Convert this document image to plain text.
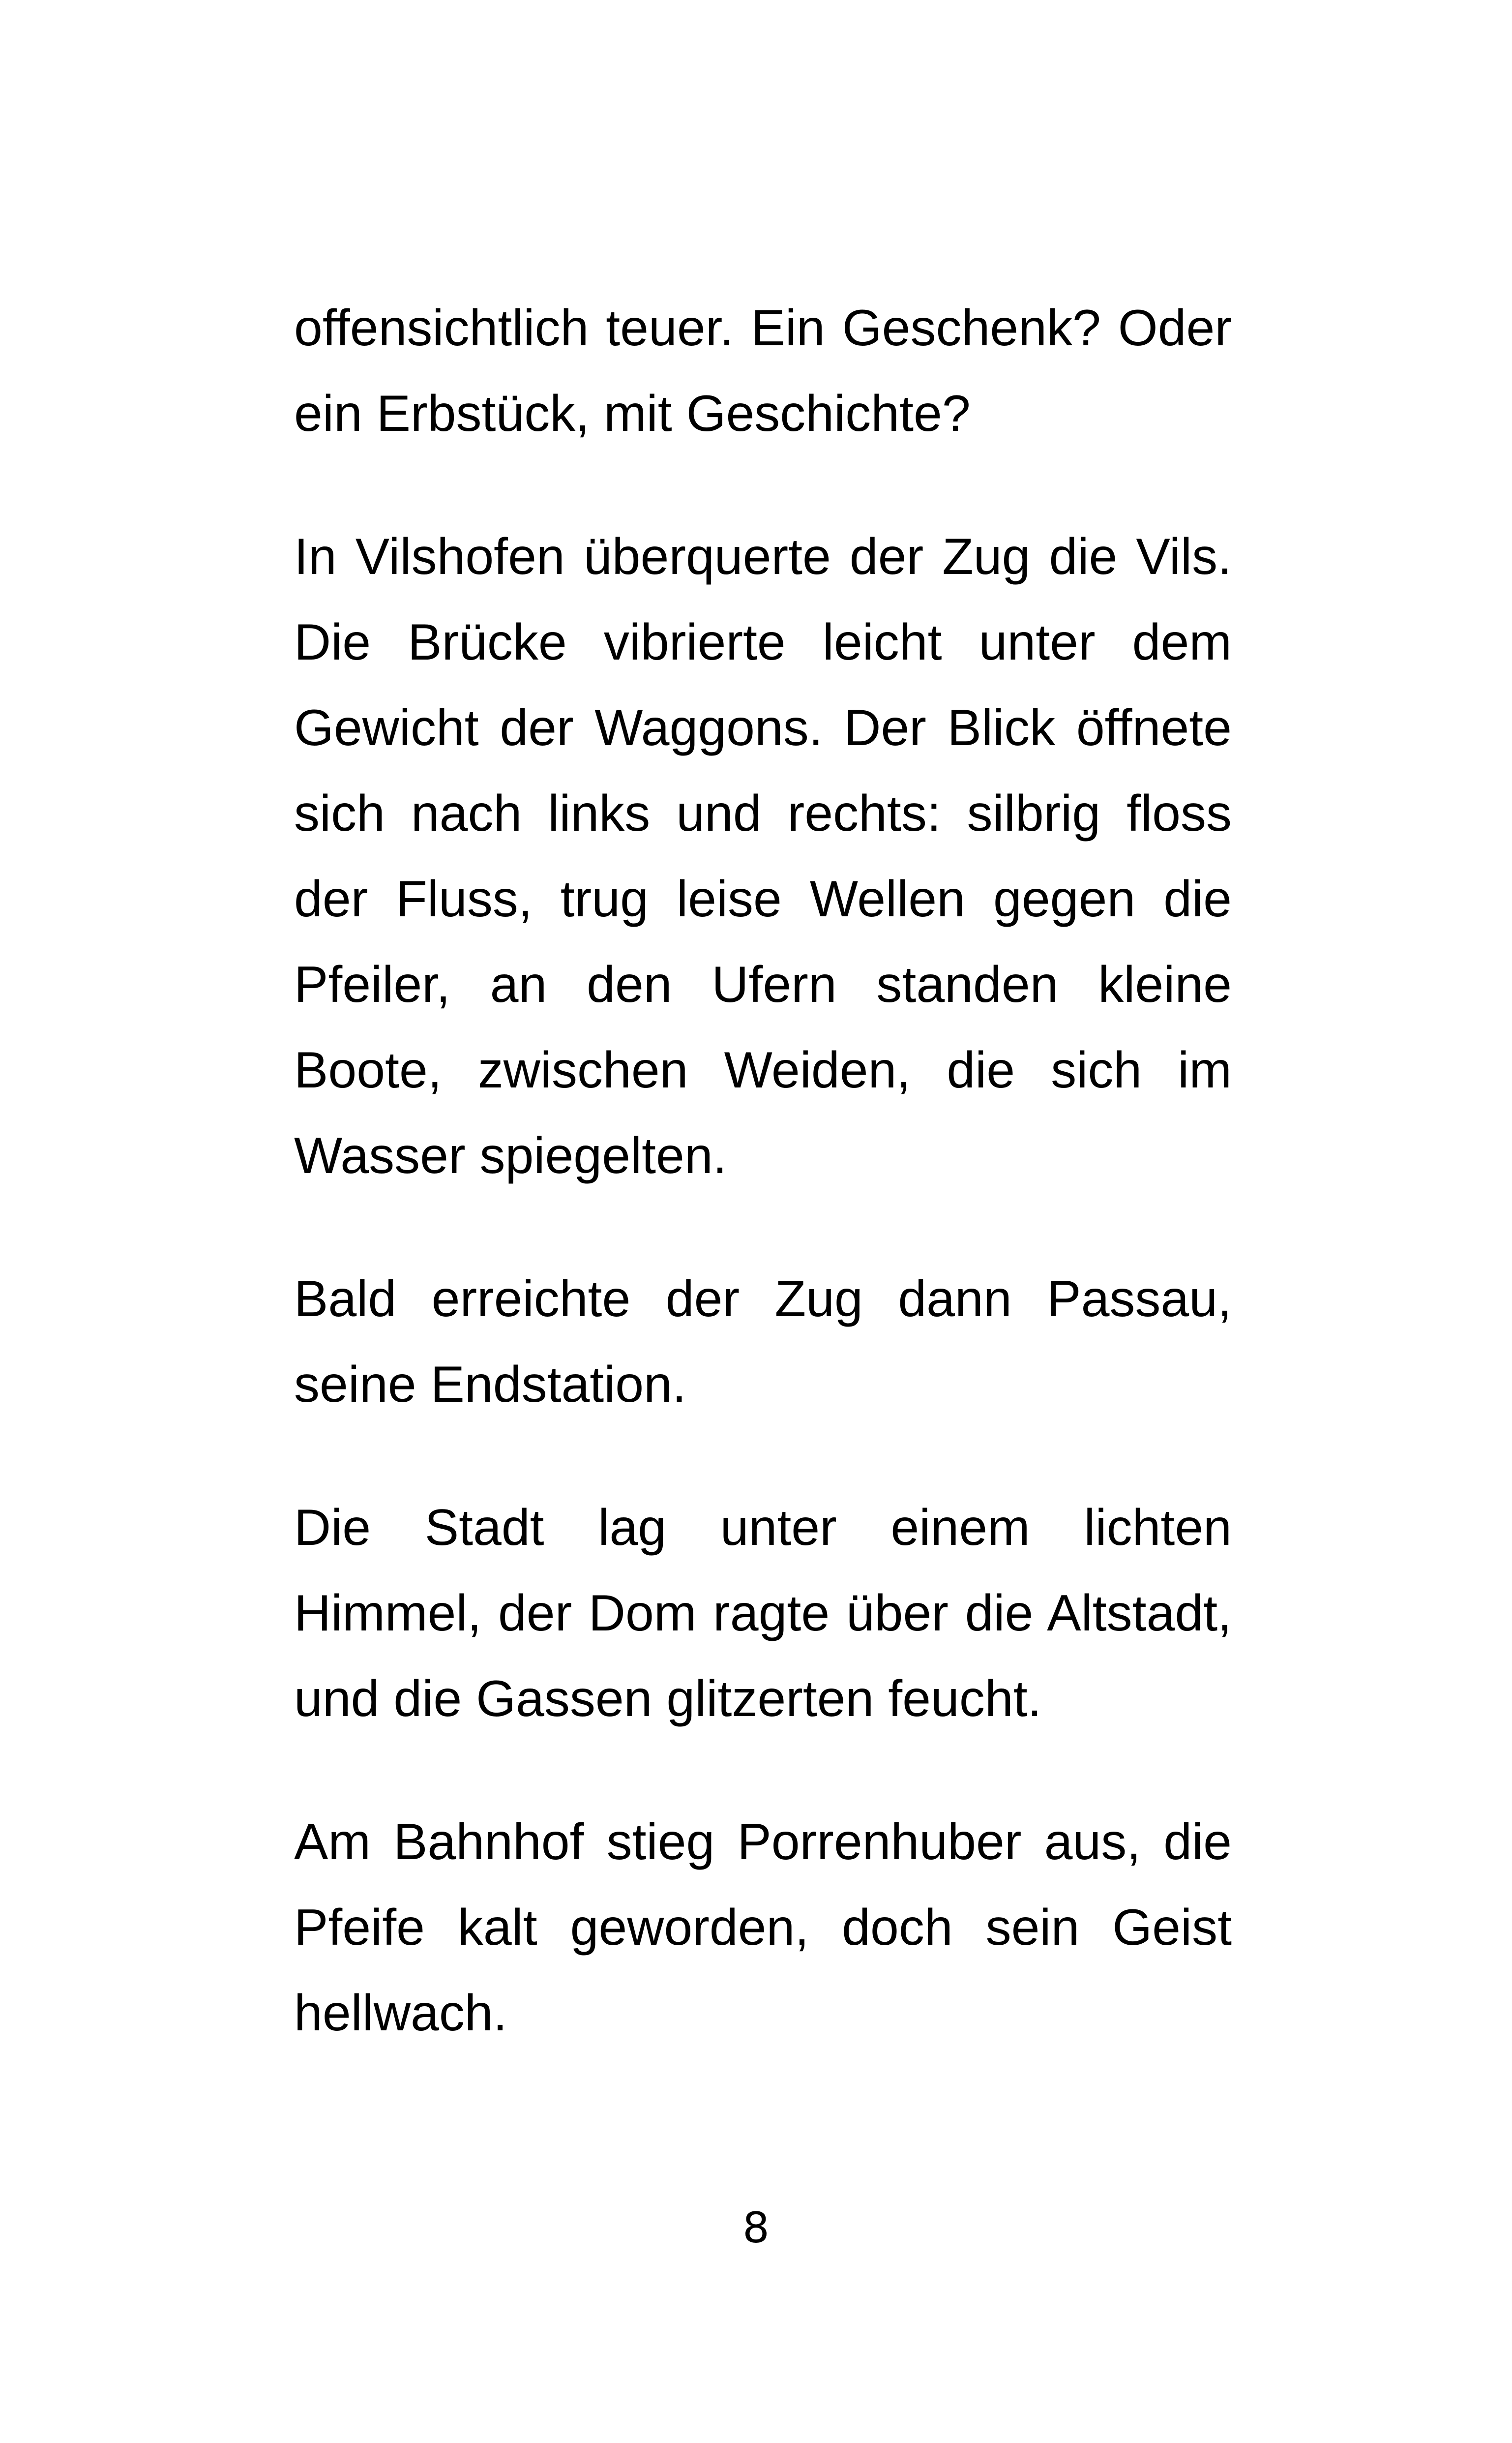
offensichtlich teuer. Ein Geschenk? Oder ein Erbstück, mit Geschichte?

In Vilshofen überquerte der Zug die Vils. Die Brücke vibrierte leicht unter dem Gewicht der Waggons. Der Blick öffnete sich nach links und rechts: silbrig floss der Fluss, trug leise Wellen gegen die Pfeiler, an den Ufern standen kleine Boote, zwischen Weiden, die sich im Wasser spiegelten.

Bald erreichte der Zug dann Passau, seine Endstation.

Die Stadt lag unter einem lichten Himmel, der Dom ragte über die Altstadt, und die Gassen glitzerten feucht.

Am Bahnhof stieg Porrenhuber aus, die Pfeife kalt geworden, doch sein Geist hellwach.

8
